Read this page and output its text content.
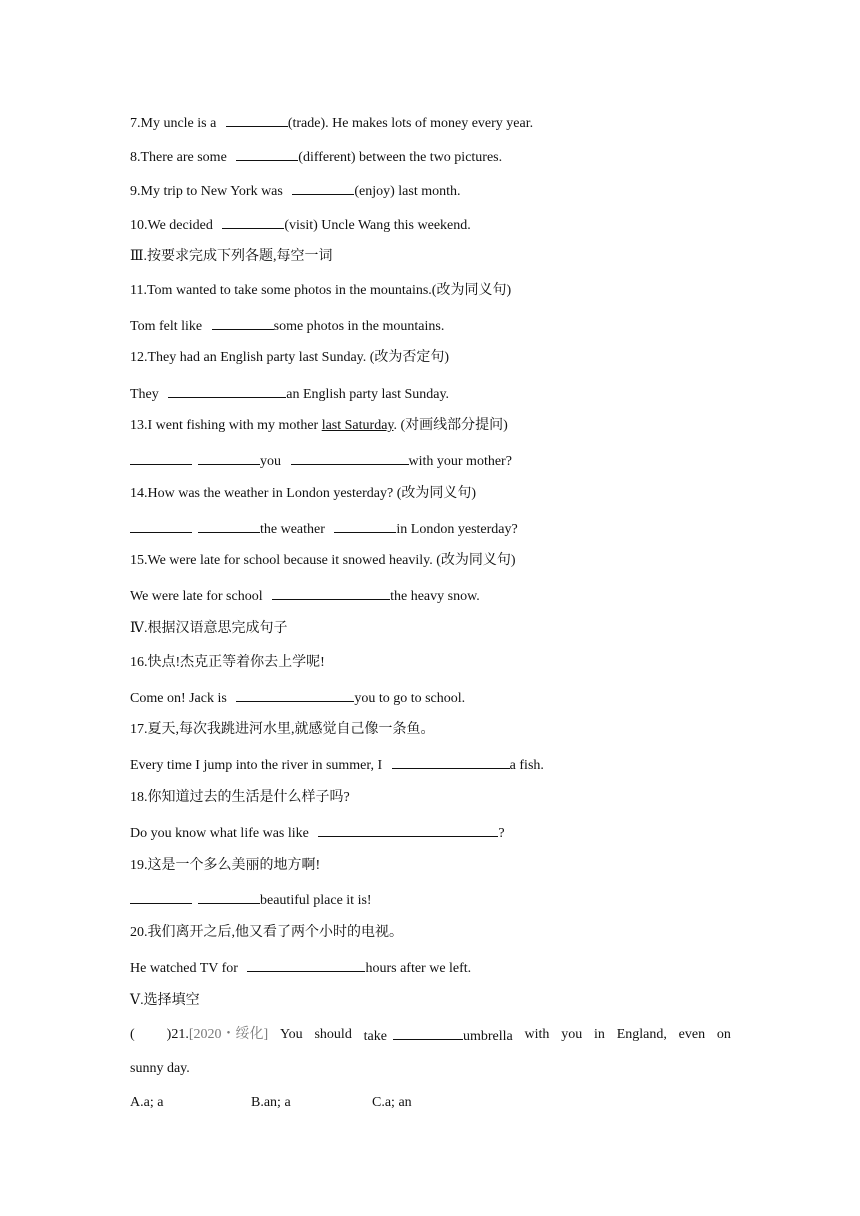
7.My uncle is a	(trade). He makes lots of money every year.
8.There are some	(different) between the two pictures.
9.My trip to New York was	(enjoy) last month.
10.We decided	(visit) Uncle Wang this weekend.
Ⅲ.按要求完成下列各题,每空一词
11.Tom wanted to take some photos in the mountains.(改为同义句)
Tom felt like	some photos in the mountains.
12.They had an English party last Sunday. (改为否定句)
They	an English party last Sunday.
13.I went fishing with my mother last Saturday. (对画线部分提问)
you	with your mother?
14.How was the weather in London yesterday? (改为同义句)
the weather	in London yesterday?
15.We were late for school because it snowed heavily. (改为同义句)
We were late for school	the heavy snow.
Ⅳ.根据汉语意思完成句子
16.快点!杰克正等着你去上学呢!
Come on! Jack is	you to go to school.
17.夏天,每次我跳进河水里,就感觉自己像一条鱼。
Every time I jump into the river in summer, I	a fish.
18.你知道过去的生活是什么样子吗?
Do you know what life was like	?
19.这是一个多么美丽的地方啊!
beautiful place it is!
20.我们离开之后,他又看了两个小时的电视。
He watched TV for	hours after we left.
Ⅴ.选择填空
( )21.[2020・绥化] You should take	umbrella with you in England, even on
sunny day.
A.a; a	B.an; a	C.a; an
